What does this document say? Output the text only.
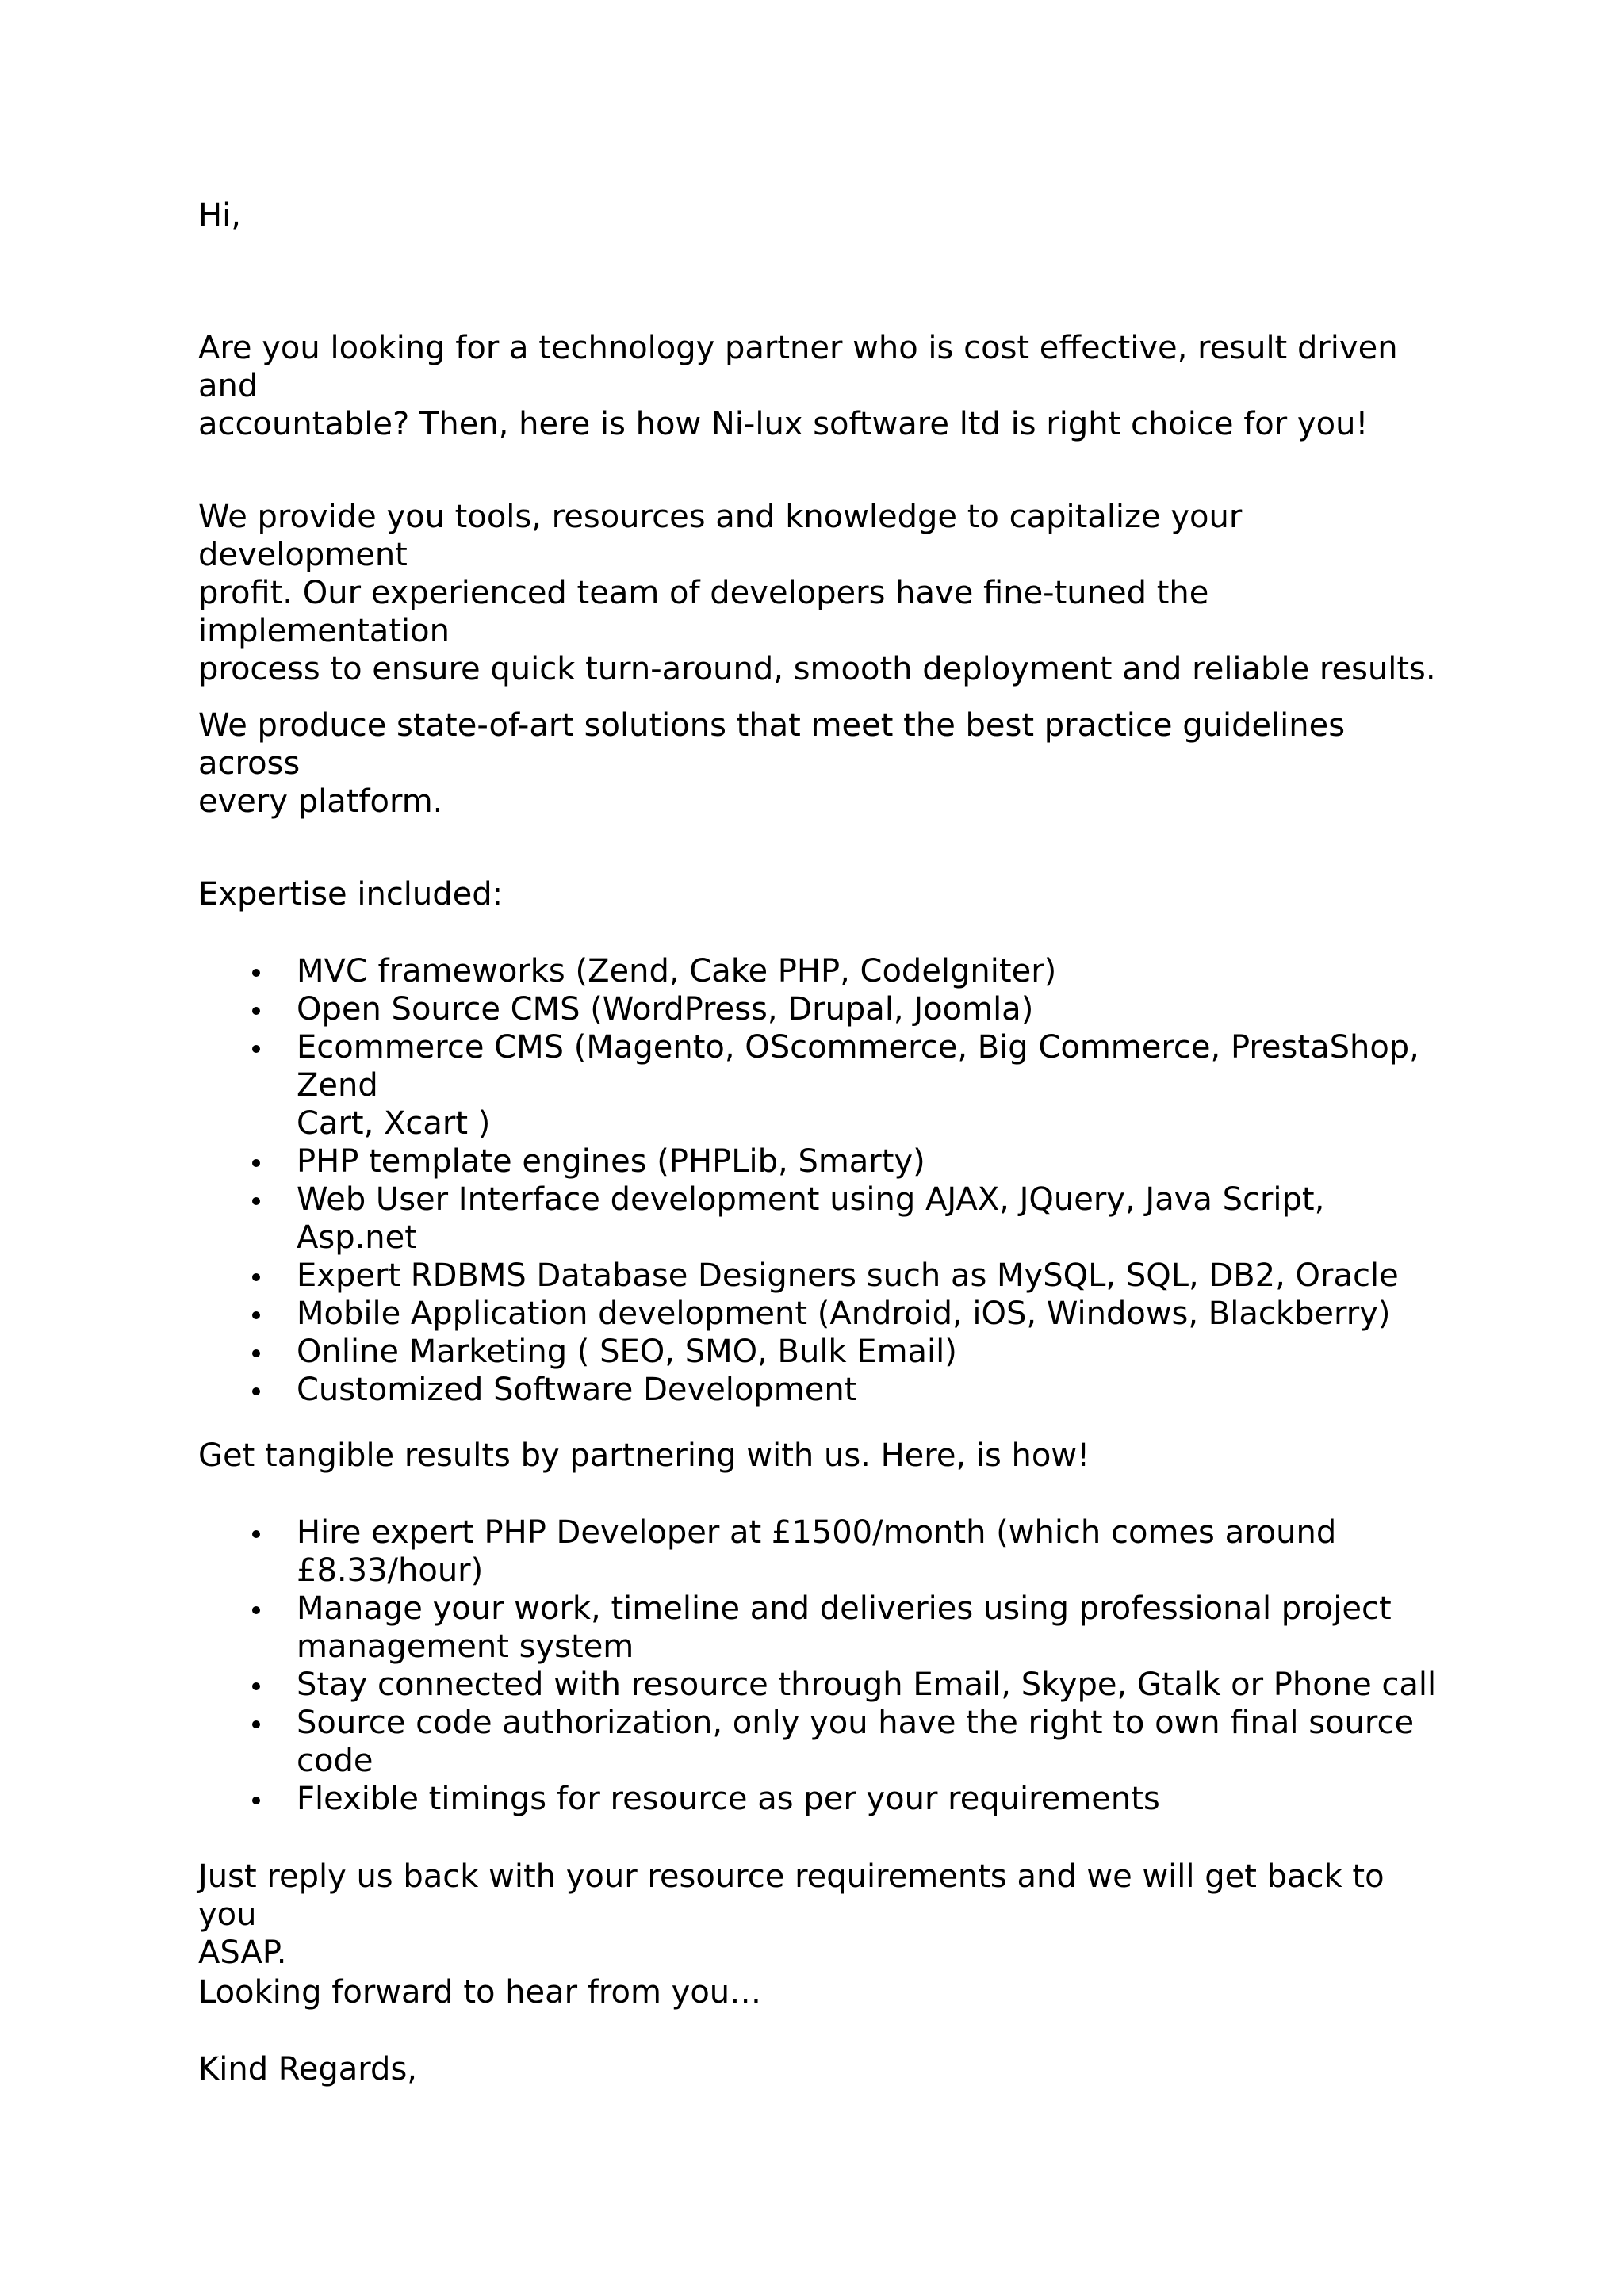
Hi,

Are you looking for a technology partner who is cost effective, result driven and
accountable? Then, here is how Ni-lux software ltd is right choice for you!

We provide you tools, resources and knowledge to capitalize your development
profit. Our experienced team of developers have fine-tuned the implementation
process to ensure quick turn-around, smooth deployment and reliable results.

We produce state-of-art solutions that meet the best practice guidelines across
every platform.

Expertise included:

MVC frameworks (Zend, Cake PHP, Codelgniter)
Open Source CMS (WordPress, Drupal, Joomla)
Ecommerce CMS (Magento, OScommerce, Big Commerce, PrestaShop, Zend
Cart, Xcart )
PHP template engines (PHPLib, Smarty)
Web User Interface development using AJAX, JQuery, Java Script, Asp.net
Expert RDBMS Database Designers such as MySQL, SQL, DB2, Oracle
Mobile Application development (Android, iOS, Windows, Blackberry)
Online Marketing ( SEO, SMO, Bulk Email)
Customized Software Development

Get tangible results by partnering with us. Here, is how!

Hire expert PHP Developer at £1500/month (which comes around
£8.33/hour)
Manage your work, timeline and deliveries using professional project
management system
Stay connected with resource through Email, Skype, Gtalk or Phone call
Source code authorization, only you have the right to own final source code
Flexible timings for resource as per your requirements

Just reply us back with your resource requirements and we will get back to you
ASAP.

Looking forward to hear from you…

Kind Regards,
